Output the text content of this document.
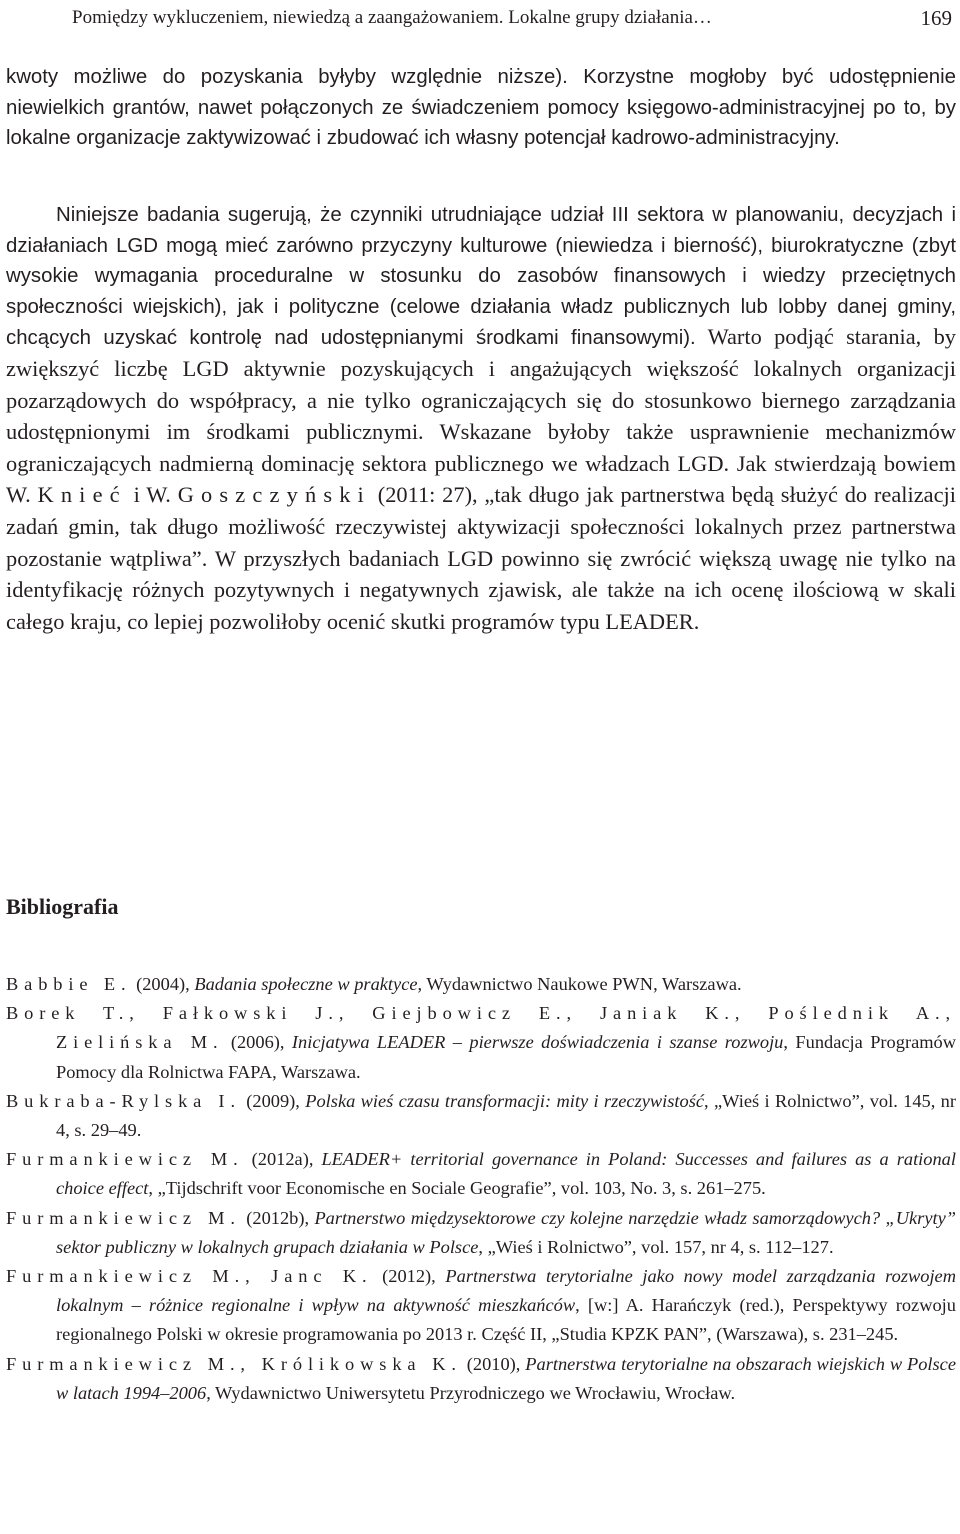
Pomiędzy wykluczeniem, niewiedzą a zaangażowaniem. Lokalne grupy działania…	169

kwoty możliwe do pozyskania byłyby względnie niższe). Korzystne mogłoby być udostępnienie niewielkich grantów, nawet połączonych ze świadczeniem pomocy księgowo-administracyjnej po to, by lokalne organizacje zaktywizować i zbudować ich własny potencjał kadrowo-administracyjny.

Niniejsze badania sugerują, że czynniki utrudniające udział III sektora w planowaniu, decyzjach i działaniach LGD mogą mieć zarówno przyczyny kulturowe (niewiedza i bierność), biurokratyczne (zbyt wysokie wymagania proceduralne w stosunku do zasobów finansowych i wiedzy przeciętnych społeczności wiejskich), jak i polityczne (celowe działania władz publicznych lub lobby danej gminy, chcących uzyskać kontrolę nad udostępnianymi środkami finansowymi). Warto podjąć starania, by zwiększyć liczbę LGD aktywnie pozyskujących i angażujących większość lokalnych organizacji pozarządowych do współpracy, a nie tylko ograniczających się do stosunkowo biernego zarządzania udostępnionymi im środkami publicznymi. Wskazane byłoby także usprawnienie mechanizmów ograniczających nadmierną dominację sektora publicznego we władzach LGD. Jak stwierdzają bowiem W. Knieć i W. Goszczyński (2011: 27), „tak długo jak partnerstwa będą służyć do realizacji zadań gmin, tak długo możliwość rzeczywistej aktywizacji społeczności lokalnych przez partnerstwa pozostanie wątpliwa”. W przyszłych badaniach LGD powinno się zwrócić większą uwagę nie tylko na identyfikację różnych pozytywnych i negatywnych zjawisk, ale także na ich ocenę ilościową w skali całego kraju, co lepiej pozwoliłoby ocenić skutki programów typu LEADER.

Bibliografia

Babbie E. (2004), Badania społeczne w praktyce, Wydawnictwo Naukowe PWN, Warszawa.

Borek T., Fałkowski J., Giejbowicz E., Janiak K., Poślednik A., Zielińska M. (2006), Inicjatywa LEADER – pierwsze doświadczenia i szanse rozwoju, Fundacja Programów Pomocy dla Rolnictwa FAPA, Warszawa.

Bukraba-Rylska I. (2009), Polska wieś czasu transformacji: mity i rzeczywistość, „Wieś i Rolnictwo”, vol. 145, nr 4, s. 29–49.

Furmankiewicz M. (2012a), LEADER+ territorial governance in Poland: Successes and failures as a rational choice effect, „Tijdschrift voor Economische en Sociale Geografie”, vol. 103, No. 3, s. 261–275.

Furmankiewicz M. (2012b), Partnerstwo międzysektorowe czy kolejne narzędzie władz samorządowych? „Ukryty” sektor publiczny w lokalnych grupach działania w Polsce, „Wieś i Rolnictwo”, vol. 157, nr 4, s. 112–127.

Furmankiewicz M., Janc K. (2012), Partnerstwa terytorialne jako nowy model zarządzania rozwojem lokalnym – różnice regionalne i wpływ na aktywność mieszkańców, [w:] A. Harańczyk (red.), Perspektywy rozwoju regionalnego Polski w okresie programowania po 2013 r. Część II, „Studia KPZK PAN”, (Warszawa), s. 231–245.

Furmankiewicz M., Królikowska K. (2010), Partnerstwa terytorialne na obszarach wiejskich w Polsce w latach 1994–2006, Wydawnictwo Uniwersytetu Przyrodniczego we Wrocławiu, Wrocław.
